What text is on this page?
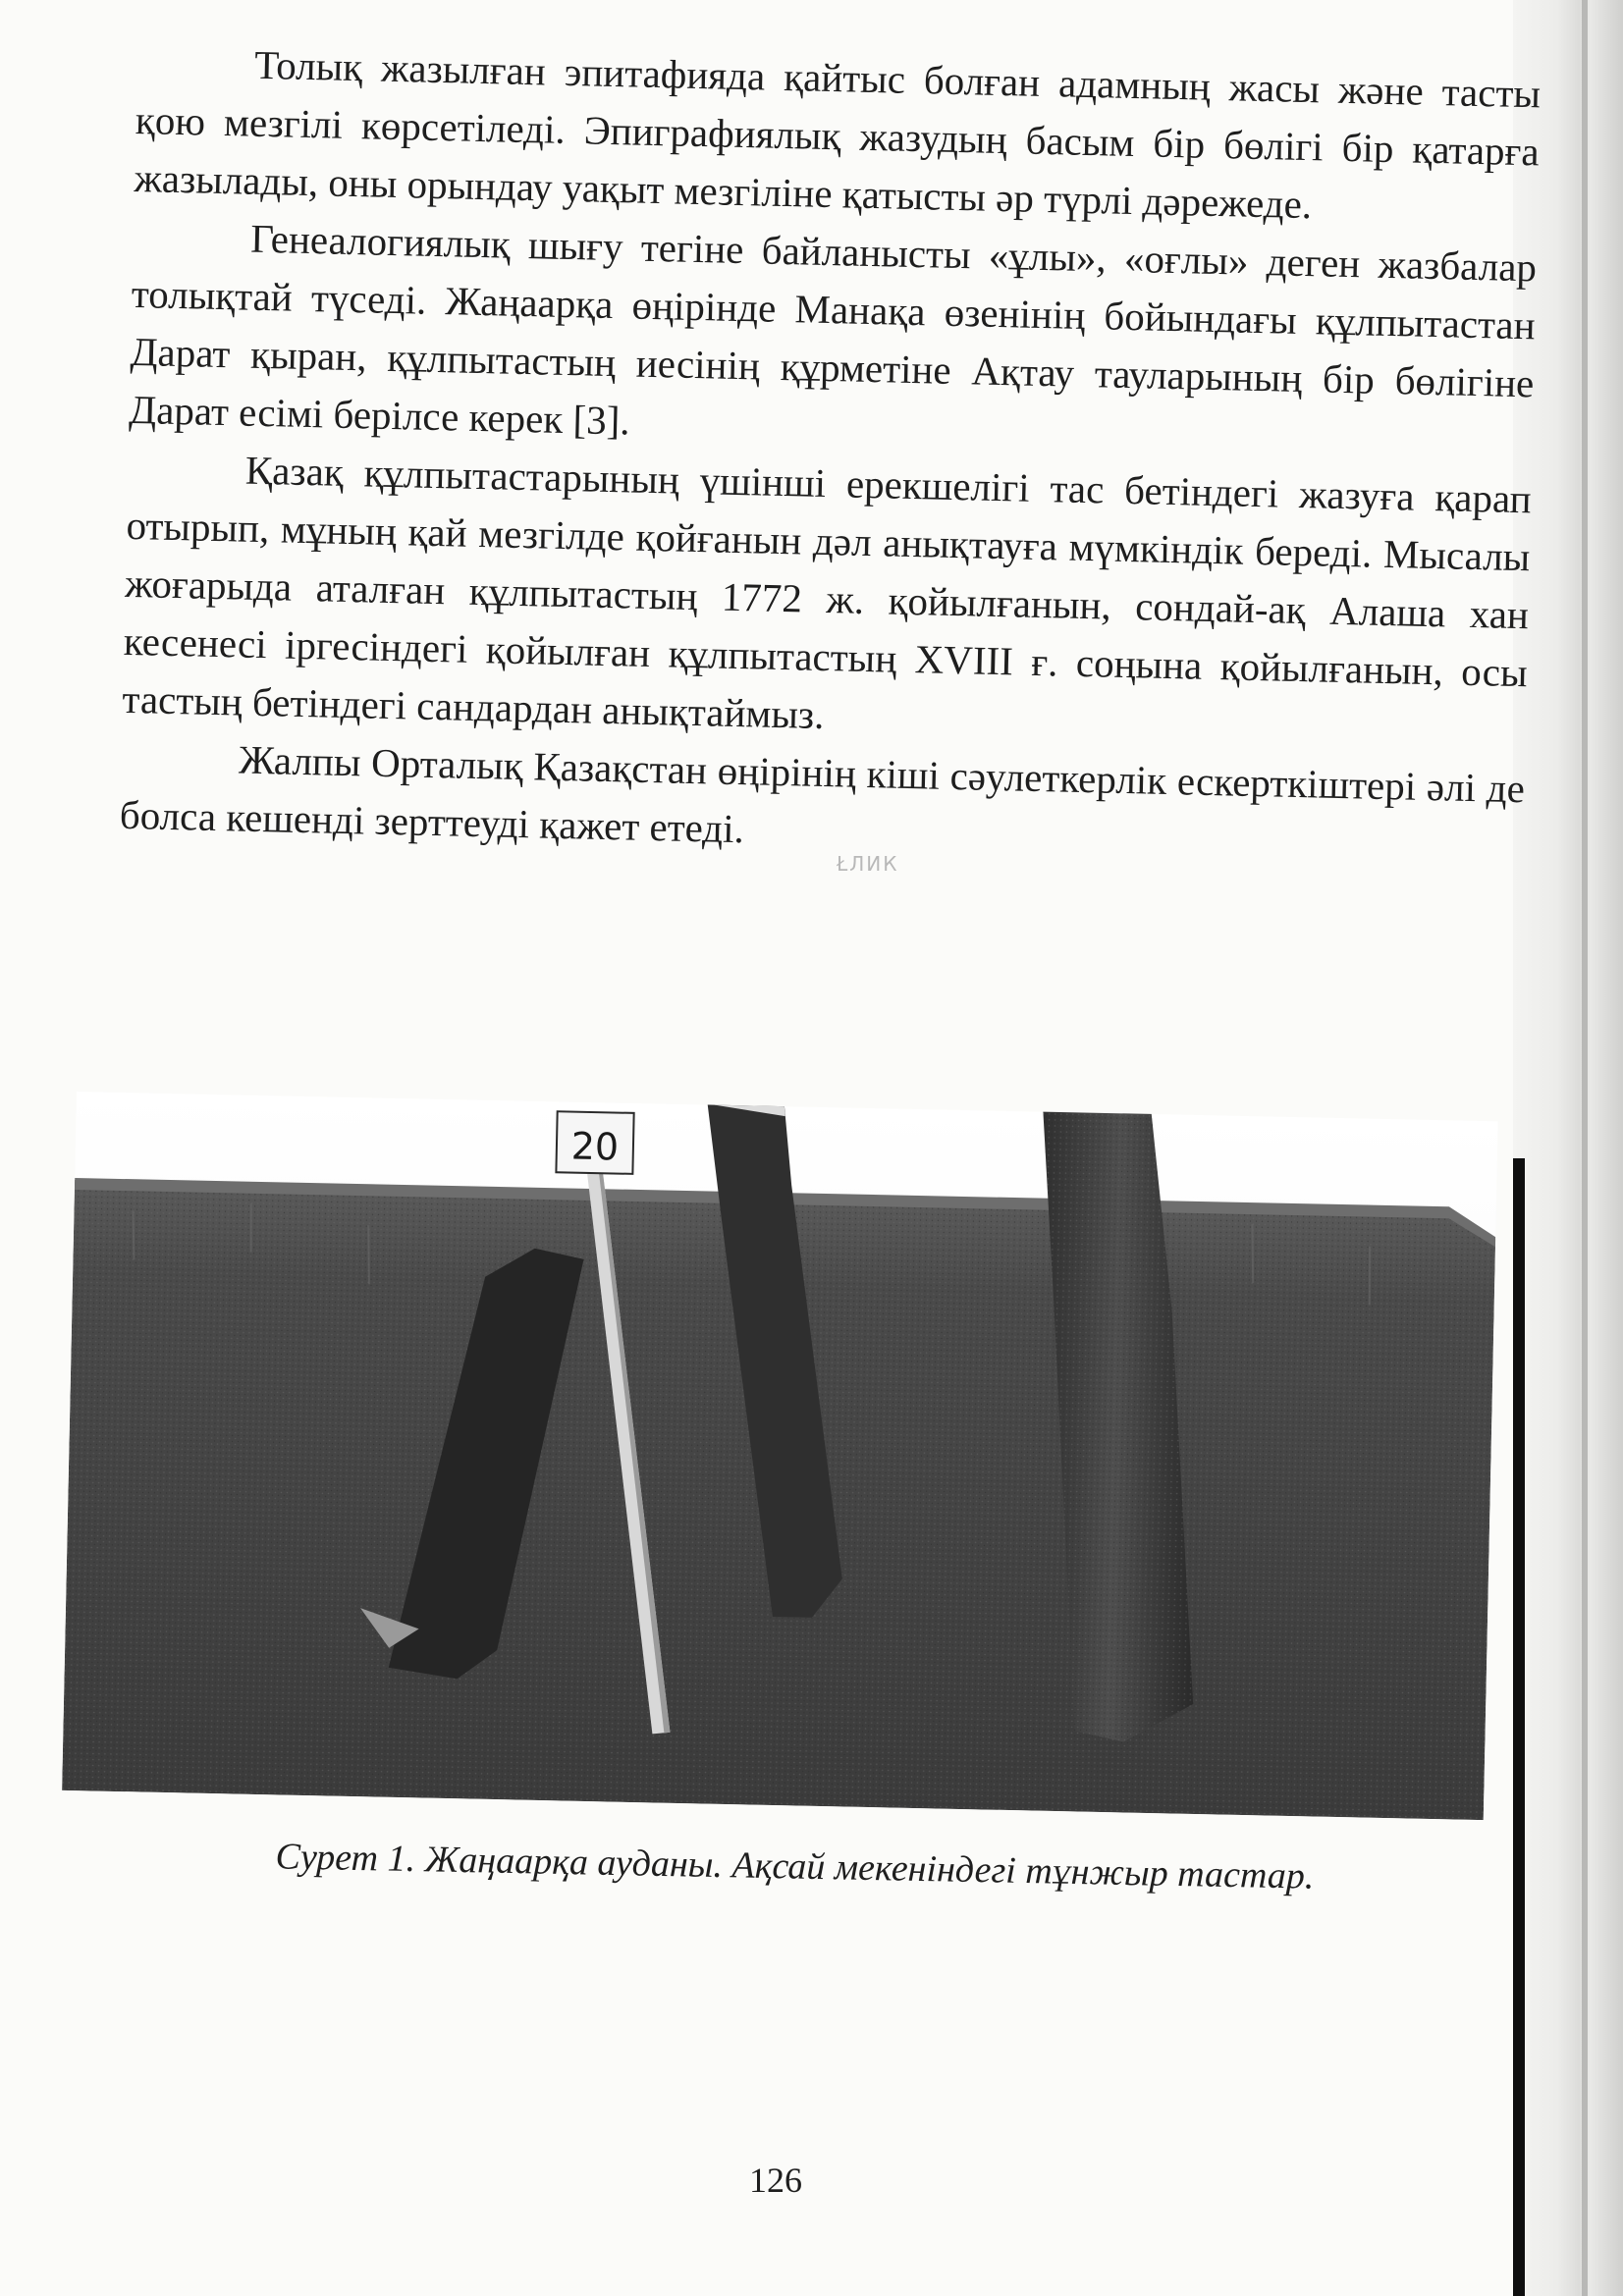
Толық жазылған эпитафияда қайтыс болған адамның жасы және тасты қою мезгілі көрсетіледі. Эпиграфиялық жазудың басым бір бөлігі бір қатарға жазылады, оны орындау уақыт мезгіліне қатысты әр түрлі дәрежеде.

Генеалогиялық шығу тегіне байланысты «ұлы», «оғлы» деген жазбалар толықтай түседі. Жаңаарқа өңірінде Манақа өзенінің бойындағы құлпытастан Дарат қыран, құлпытастың иесінің құрметіне Ақтау тауларының бір бөлігіне Дарат есімі берілсе керек [3].

Қазақ құлпытастарының үшінші ерекшелігі тас бетіндегі жазуға қарап отырып, мұның қай мезгілде қойғанын дәл анықтауға мүмкіндік береді. Мысалы жоғарыда аталған құлпытастың 1772 ж. қойылғанын, сондай-ақ Алаша хан кесенесі іргесіндегі қойылған құлпытастың XVIII ғ. соңына қойылғанын, осы тастың бетіндегі сандардан анықтаймыз.

Жалпы Орталық Қазақстан өңірінің кіші сәулеткерлік ескерткіштері әлі де болса кешенді зерттеуді қажет етеді.

ŁЛИК
20
Сурет 1. Жаңаарқа ауданы. Ақсай мекеніндегі тұнжыр тастар.
126
